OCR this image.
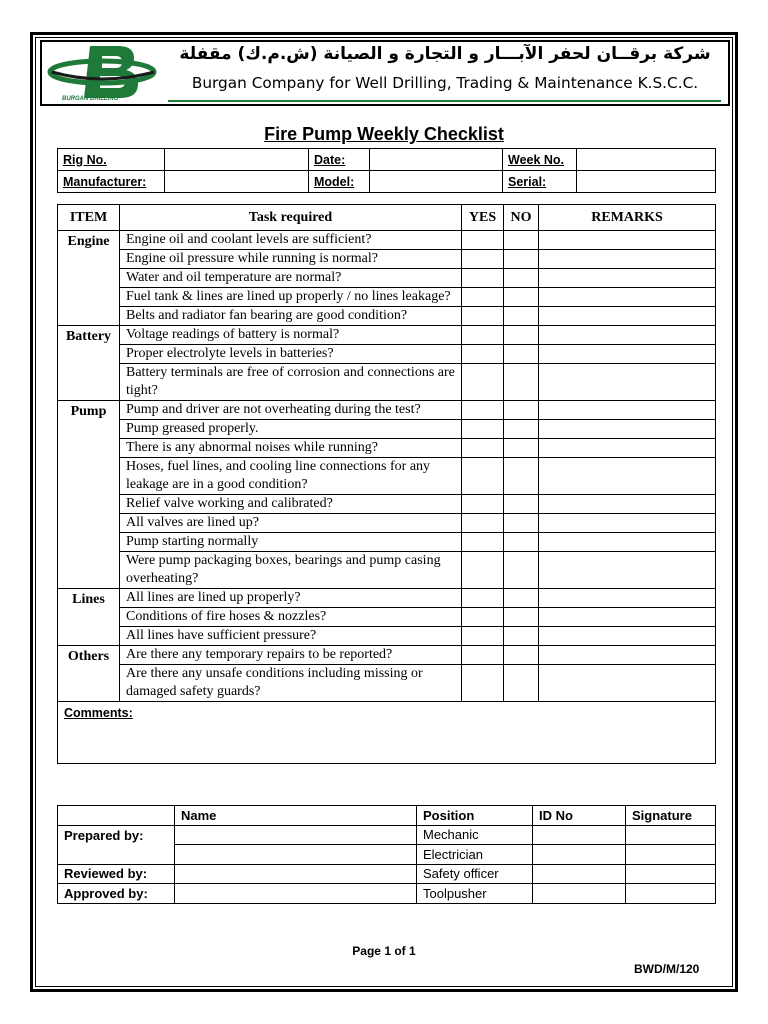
BURGAN DRILLING
شركة برقــان لحفر الآبـــار و التجارة و الصيانة (ش.م.ك) مقفلة
Burgan Company for Well Drilling, Trading & Maintenance K.S.C.C.
Fire Pump Weekly Checklist
Rig No.		Date:		Week No.	
Manufacturer:		Model:		Serial:	
ITEM	Task required	YES	NO	REMARKS
Engine	Engine oil and coolant levels are sufficient?			
	Engine oil pressure while running is normal?			
	Water and oil temperature are normal?			
	Fuel tank & lines are lined up properly / no lines leakage?			
	Belts and radiator fan bearing are good condition?			
Battery	Voltage readings of battery is normal?			
	Proper electrolyte levels in batteries?			
	Battery terminals are free of corrosion and connections are tight?			
Pump	Pump and driver are not overheating during the test?			
	Pump greased properly.			
	There is any abnormal noises while running?			
	Hoses, fuel lines, and cooling line connections for any leakage are in a good condition?			
	Relief valve working and calibrated?			
	All valves are lined up?			
	Pump starting normally			
	Were pump packaging boxes, bearings and pump casing overheating?			
Lines	All lines are lined up properly?			
	Conditions of fire hoses & nozzles?			
	All lines have sufficient pressure?			
Others	Are there any temporary repairs to be reported?			
	Are there any unsafe conditions including missing or damaged safety guards?			
Comments:				
	Name	Position	ID No	Signature
Prepared by:		Mechanic		
		Electrician		
Reviewed by:		Safety officer		
Approved by:		Toolpusher		
Page 1 of 1
BWD/M/120
